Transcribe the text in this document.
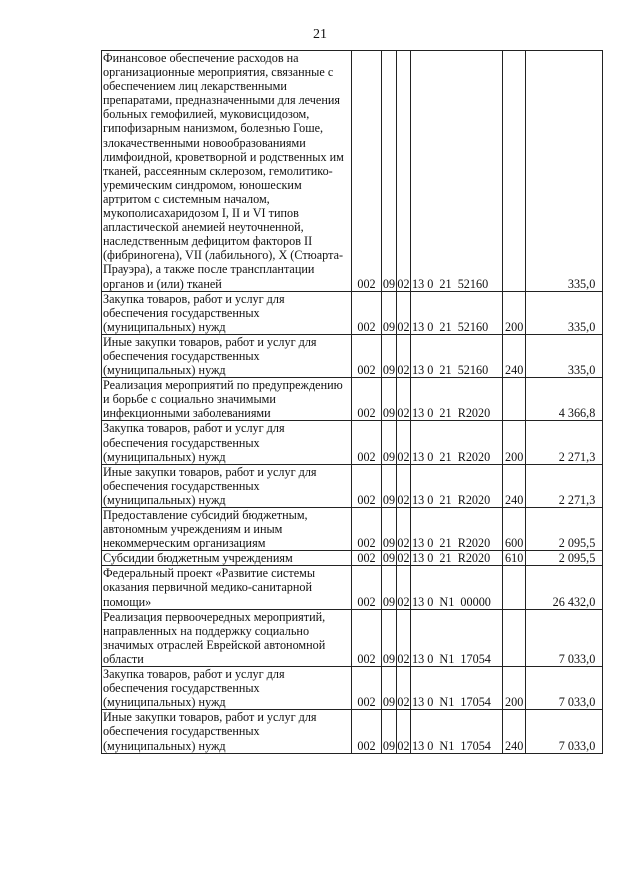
21
Финансовое обеспечение расходов на организационные мероприятия, связанные с обеспечением лиц лекарственными препаратами, предназначенными для лечения больных гемофилией, муковисцидозом, гипофизарным нанизмом, болезнью Гоше, злокачественными новообразованиями лимфоидной, кроветворной и родственных им тканей, рассеянным склерозом, гемолитико-уремическим синдромом, юношеским артритом с системным началом, мукополисахаридозом I, II и VI типов апластической анемией неуточненной, наследственным дефицитом факторов II (фибриногена), VII (лабильного), X (Стюарта-Прауэра), а также после трансплантации органов и (или) тканей	002	09	02	13 0  21  52160		335,0
Закупка товаров, работ и услуг для обеспечения государственных (муниципальных) нужд	002	09	02	13 0  21  52160	200	335,0
Иные закупки товаров, работ и услуг для обеспечения государственных (муниципальных) нужд	002	09	02	13 0  21  52160	240	335,0
Реализация мероприятий по предупреждению и борьбе с социально значимыми инфекционными заболеваниями	002	09	02	13 0  21  R2020		4 366,8
Закупка товаров, работ и услуг для обеспечения государственных (муниципальных) нужд	002	09	02	13 0  21  R2020	200	2 271,3
Иные закупки товаров, работ и услуг для обеспечения государственных (муниципальных) нужд	002	09	02	13 0  21  R2020	240	2 271,3
Предоставление субсидий бюджетным, автономным учреждениям и иным некоммерческим организациям	002	09	02	13 0  21  R2020	600	2 095,5
Субсидии бюджетным учреждениям	002	09	02	13 0  21  R2020	610	2 095,5
Федеральный проект «Развитие системы оказания первичной медико-санитарной помощи»	002	09	02	13 0  N1  00000		26 432,0
Реализация первоочередных мероприятий, направленных на поддержку социально значимых отраслей Еврейской автономной области	002	09	02	13 0  N1  17054		7 033,0
Закупка товаров, работ и услуг для обеспечения государственных (муниципальных) нужд	002	09	02	13 0  N1  17054	200	7 033,0
Иные закупки товаров, работ и услуг для обеспечения государственных (муниципальных) нужд	002	09	02	13 0  N1  17054	240	7 033,0
